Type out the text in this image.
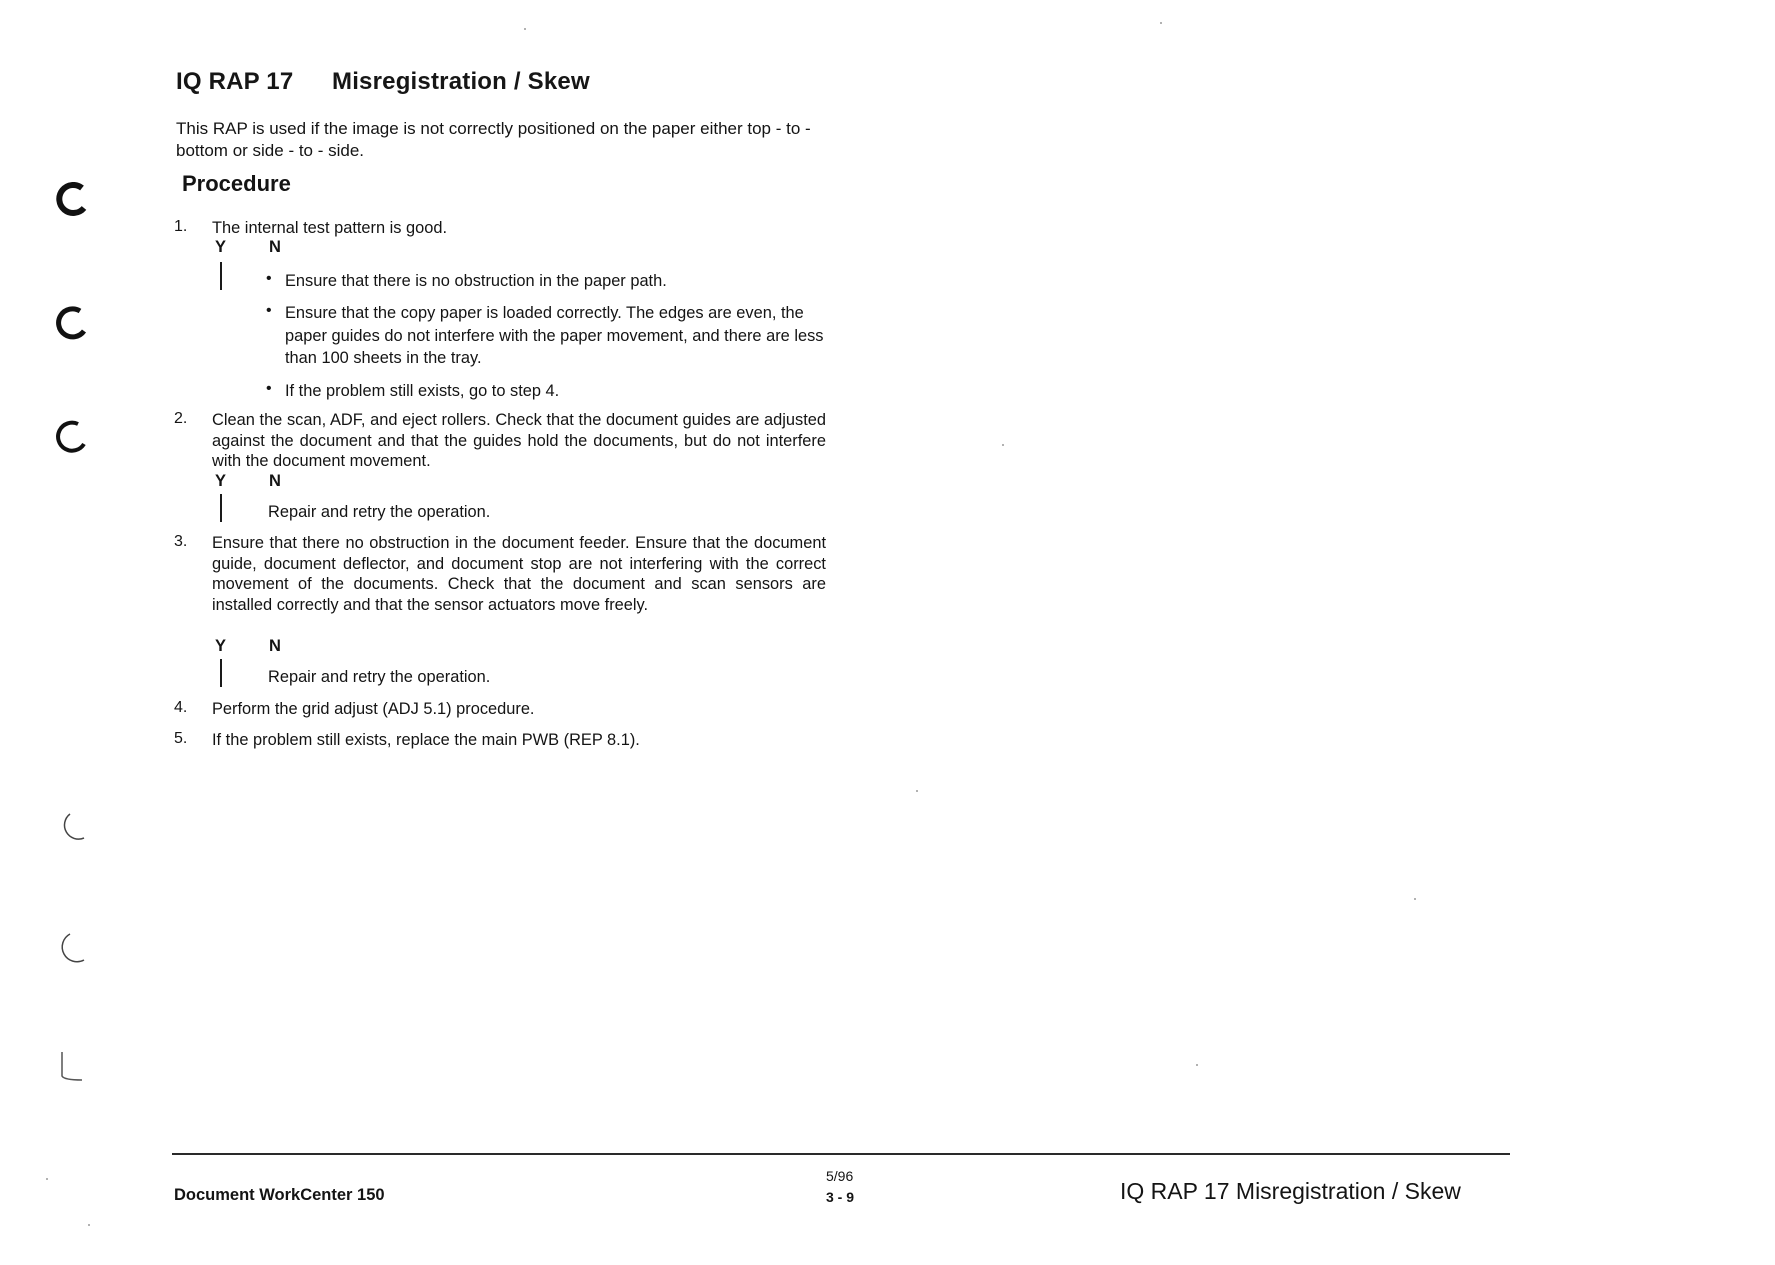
IQ RAP 17 Misregistration / Skew
This RAP is used if the image is not correctly positioned on the paper either top - to - bottom or side - to - side.
Procedure
1. The internal test pattern is good.
Y	N
• Ensure that there is no obstruction in the paper path.
• Ensure that the copy paper is loaded correctly. The edges are even, the paper guides do not interfere with the paper movement, and there are less than 100 sheets in the tray.
• If the problem still exists, go to step 4.
2. Clean the scan, ADF, and eject rollers. Check that the document guides are adjusted against the document and that the guides hold the documents, but do not interfere with the document movement.
Y	N
Repair and retry the operation.
3. Ensure that there no obstruction in the document feeder. Ensure that the document guide, document deflector, and document stop are not interfering with the correct movement of the documents. Check that the document and scan sensors are installed correctly and that the sensor actuators move freely.
Y	N
Repair and retry the operation.
4. Perform the grid adjust (ADJ 5.1) procedure.
5. If the problem still exists, replace the main PWB (REP 8.1).
Document WorkCenter 150
5/96
3 - 9	IQ RAP 17 Misregistration / Skew
